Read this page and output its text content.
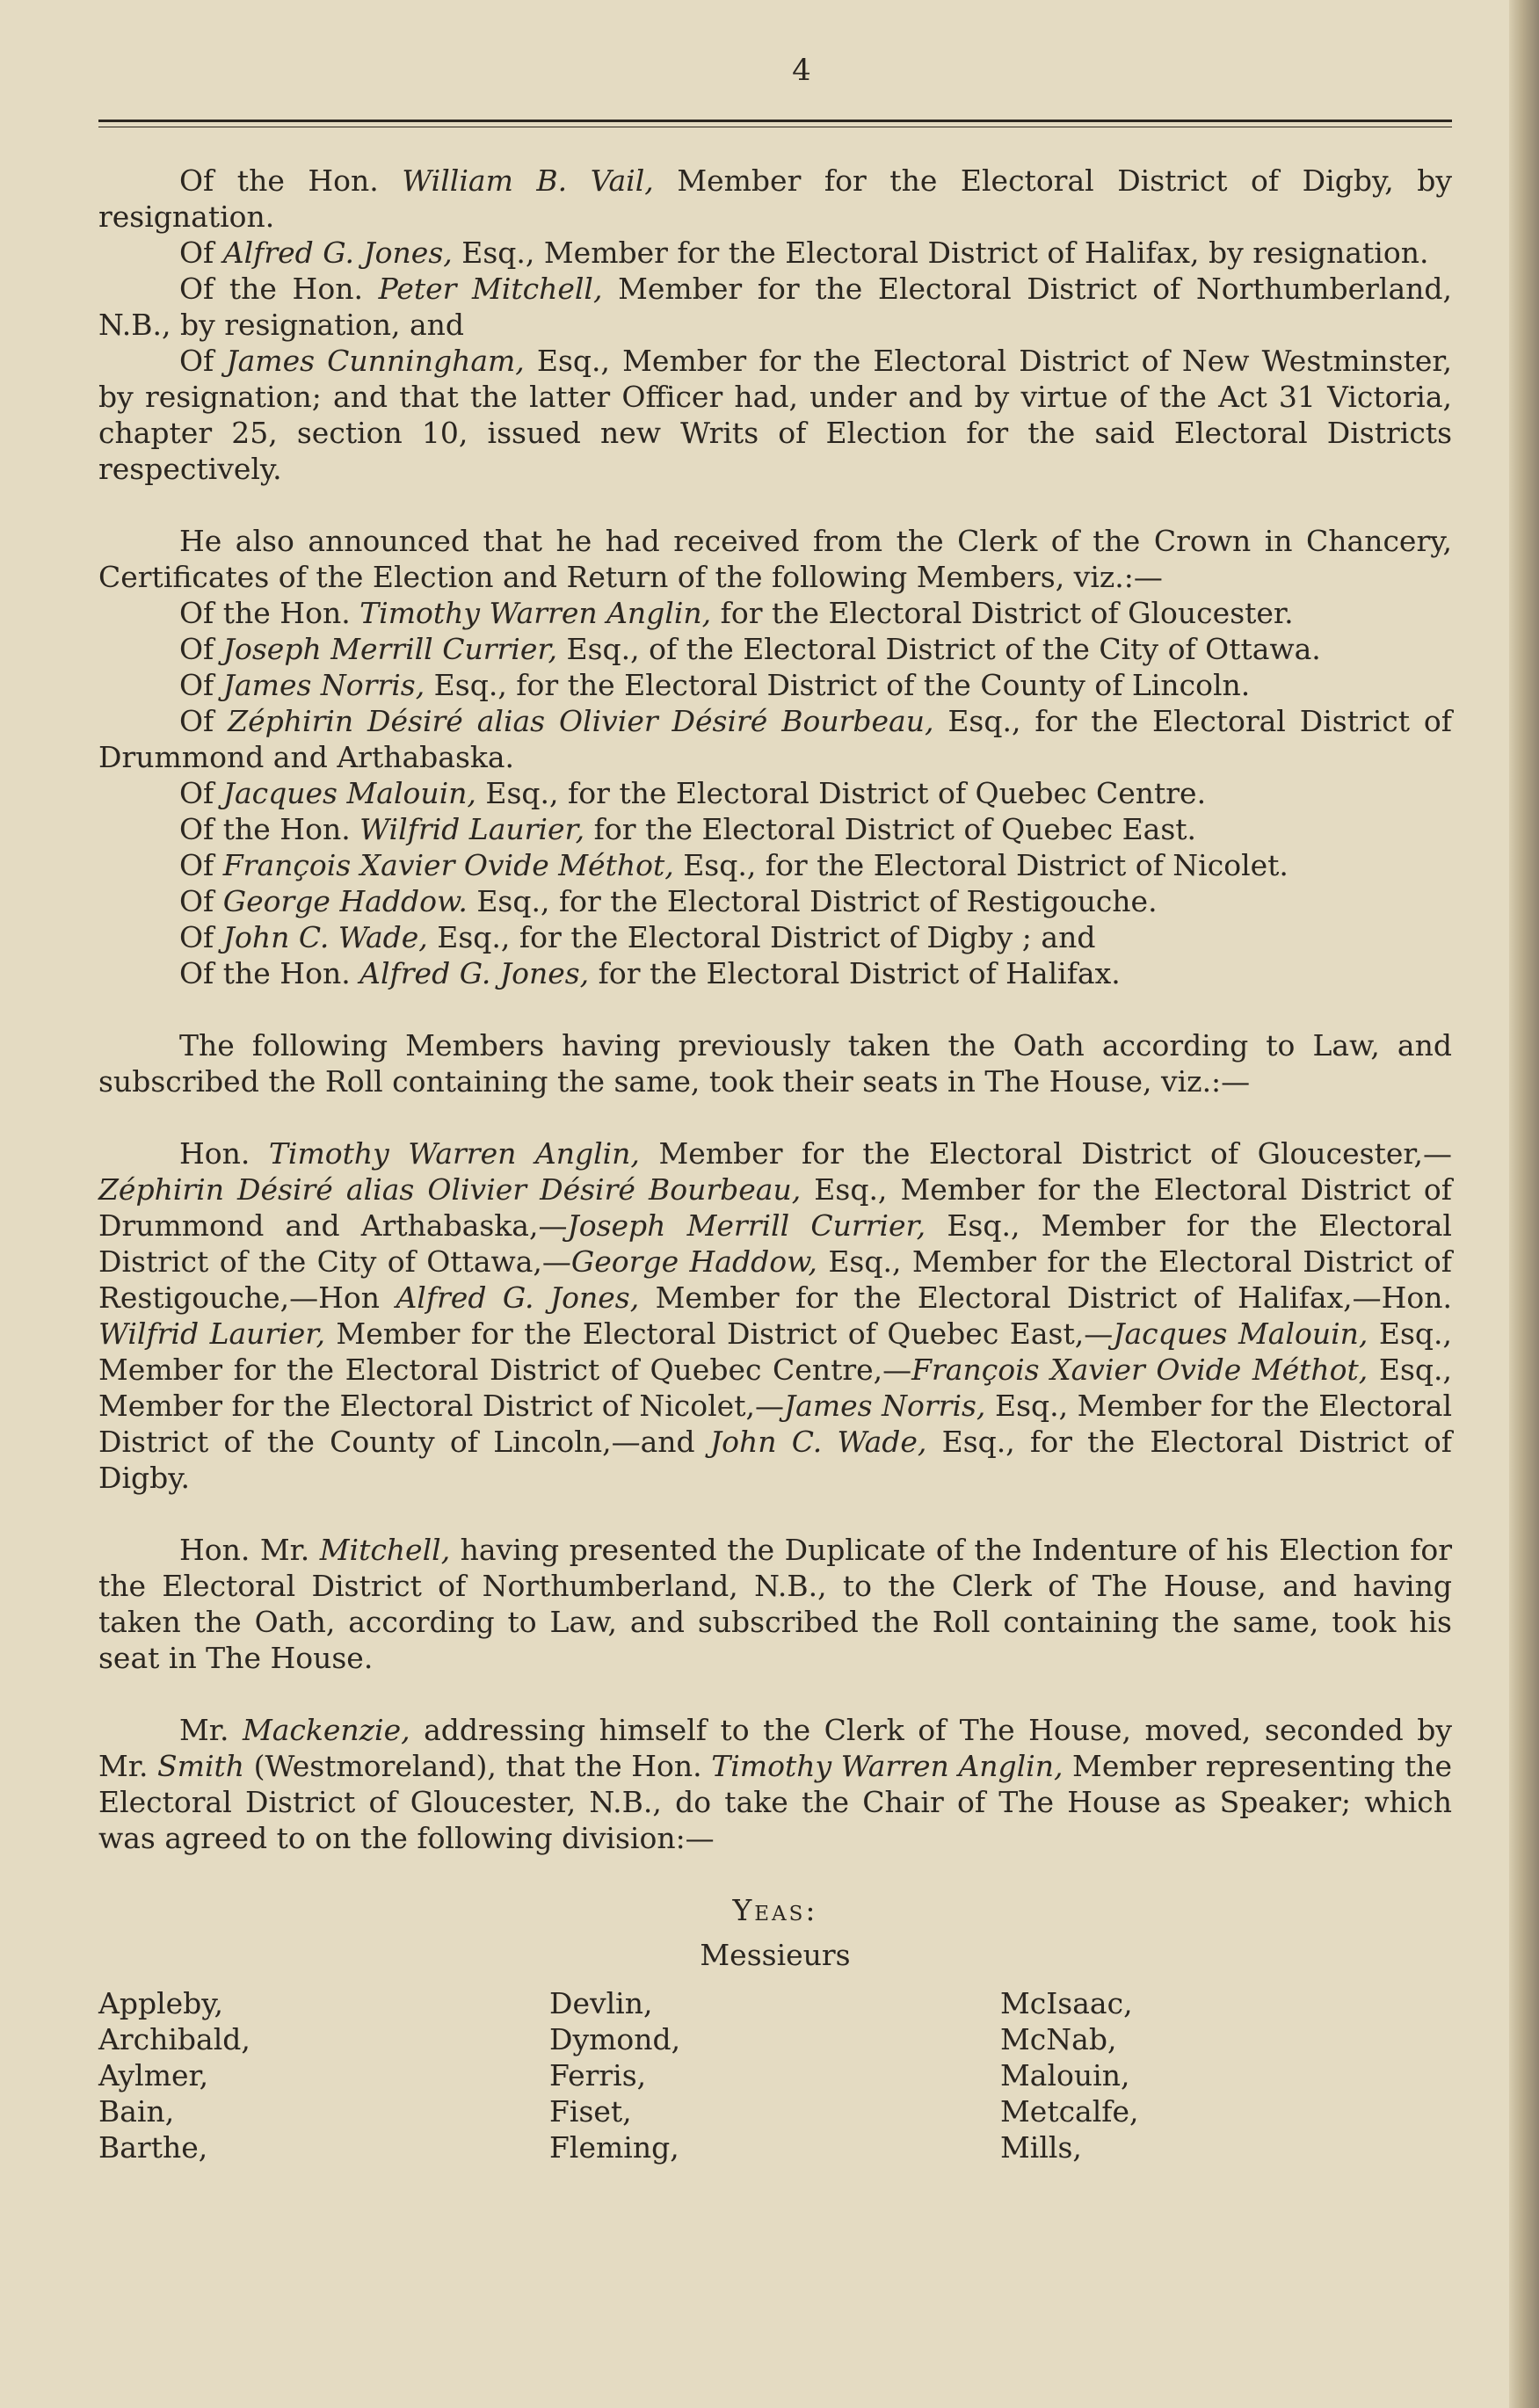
4

Of the Hon. William B. Vail, Member for the Electoral District of Digby, by resignation.

Of Alfred G. Jones, Esq., Member for the Electoral District of Halifax, by resignation.

Of the Hon. Peter Mitchell, Member for the Electoral District of Northumberland, N.B., by resignation, and

Of James Cunningham, Esq., Member for the Electoral District of New Westminster, by resignation; and that the latter Officer had, under and by virtue of the Act 31 Victoria, chapter 25, section 10, issued new Writs of Election for the said Electoral Districts respectively.

He also announced that he had received from the Clerk of the Crown in Chancery, Certificates of the Election and Return of the following Members, viz.:—

Of the Hon. Timothy Warren Anglin, for the Electoral District of Gloucester.

Of Joseph Merrill Currier, Esq., of the Electoral District of the City of Ottawa.

Of James Norris, Esq., for the Electoral District of the County of Lincoln.

Of Zéphirin Désiré alias Olivier Désiré Bourbeau, Esq., for the Electoral District of Drummond and Arthabaska.

Of Jacques Malouin, Esq., for the Electoral District of Quebec Centre.

Of the Hon. Wilfrid Laurier, for the Electoral District of Quebec East.

Of François Xavier Ovide Méthot, Esq., for the Electoral District of Nicolet.

Of George Haddow. Esq., for the Electoral District of Restigouche.

Of John C. Wade, Esq., for the Electoral District of Digby ; and

Of the Hon. Alfred G. Jones, for the Electoral District of Halifax.

The following Members having previously taken the Oath according to Law, and subscribed the Roll containing the same, took their seats in The House, viz.:—

Hon. Timothy Warren Anglin, Member for the Electoral District of Gloucester,—Zéphirin Désiré alias Olivier Désiré Bourbeau, Esq., Member for the Electoral District of Drummond and Arthabaska,—Joseph Merrill Currier, Esq., Member for the Electoral District of the City of Ottawa,—George Haddow, Esq., Member for the Electoral District of Restigouche,—Hon Alfred G. Jones, Member for the Electoral District of Halifax,—Hon. Wilfrid Laurier, Member for the Electoral District of Quebec East,—Jacques Malouin, Esq., Member for the Electoral District of Quebec Centre,—François Xavier Ovide Méthot, Esq., Member for the Electoral District of Nicolet,—James Norris, Esq., Member for the Electoral District of the County of Lincoln,—and John C. Wade, Esq., for the Electoral District of Digby.

Hon. Mr. Mitchell, having presented the Duplicate of the Indenture of his Election for the Electoral District of Northumberland, N.B., to the Clerk of The House, and having taken the Oath, according to Law, and subscribed the Roll containing the same, took his seat in The House.

Mr. Mackenzie, addressing himself to the Clerk of The House, moved, seconded by Mr. Smith (Westmoreland), that the Hon. Timothy Warren Anglin, Member representing the Electoral District of Gloucester, N.B., do take the Chair of The House as Speaker; which was agreed to on the following division:—

Yeas:
Messieurs
Appleby,
Archibald,
Aylmer,
Bain,
Barthe,
Devlin,
Dymond,
Ferris,
Fiset,
Fleming,
McIsaac,
McNab,
Malouin,
Metcalfe,
Mills,
